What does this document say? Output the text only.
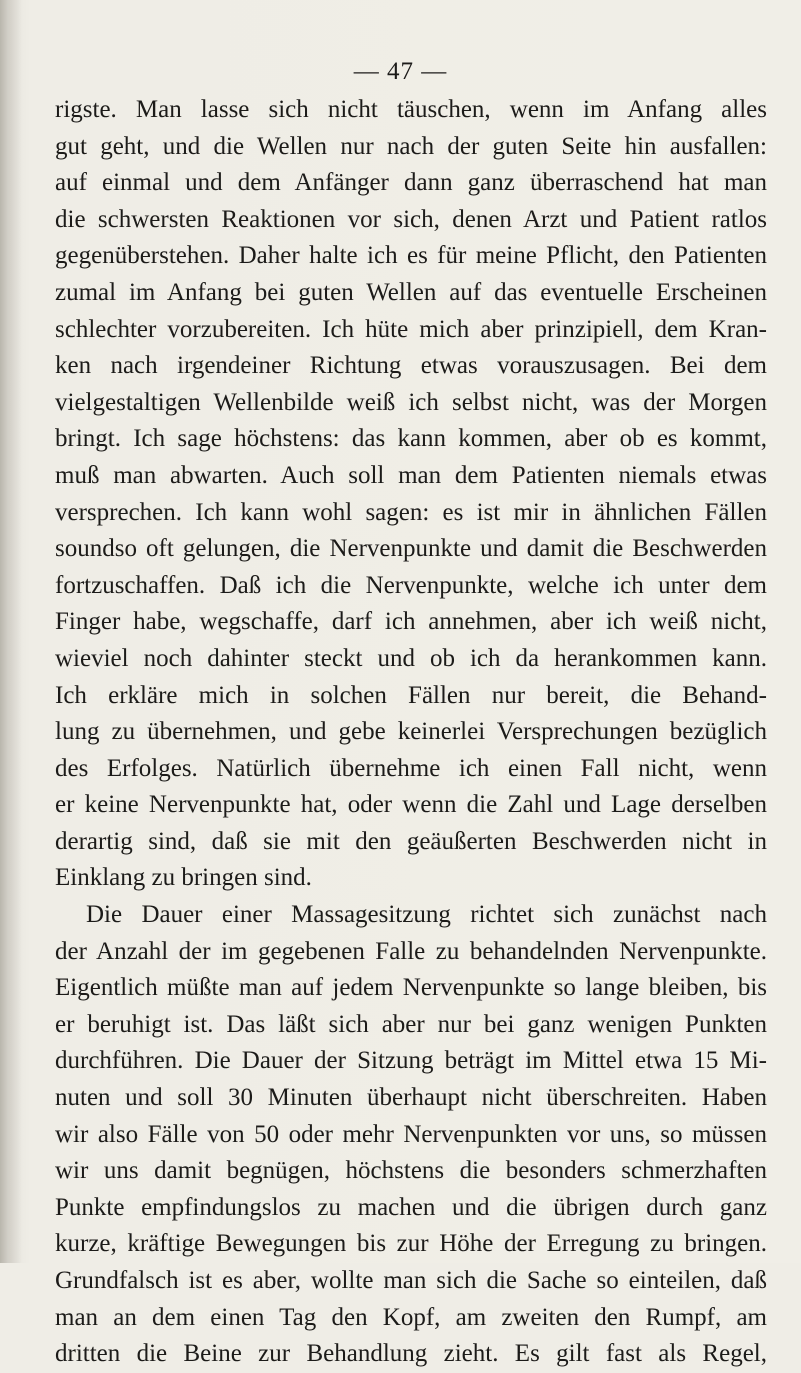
— 47 —
rigste. Man lasse sich nicht täuschen, wenn im Anfang alles
gut geht, und die Wellen nur nach der guten Seite hin ausfallen:
auf einmal und dem Anfänger dann ganz überraschend hat man
die schwersten Reaktionen vor sich, denen Arzt und Patient ratlos
gegenüberstehen. Daher halte ich es für meine Pflicht, den Patienten
zumal im Anfang bei guten Wellen auf das eventuelle Erscheinen
schlechter vorzubereiten. Ich hüte mich aber prinzipiell, dem Kran-
ken nach irgendeiner Richtung etwas vorauszusagen. Bei dem
vielgestaltigen Wellenbilde weiß ich selbst nicht, was der Morgen
bringt. Ich sage höchstens: das kann kommen, aber ob es kommt,
muß man abwarten. Auch soll man dem Patienten niemals etwas
versprechen. Ich kann wohl sagen: es ist mir in ähnlichen Fällen
soundso oft gelungen, die Nervenpunkte und damit die Beschwerden
fortzuschaffen. Daß ich die Nervenpunkte, welche ich unter dem
Finger habe, wegschaffe, darf ich annehmen, aber ich weiß nicht,
wieviel noch dahinter steckt und ob ich da herankommen kann.
Ich erkläre mich in solchen Fällen nur bereit, die Behand-
lung zu übernehmen, und gebe keinerlei Versprechungen bezüglich
des Erfolges. Natürlich übernehme ich einen Fall nicht, wenn
er keine Nervenpunkte hat, oder wenn die Zahl und Lage derselben
derartig sind, daß sie mit den geäußerten Beschwerden nicht in
Einklang zu bringen sind.
Die Dauer einer Massagesitzung richtet sich zunächst nach
der Anzahl der im gegebenen Falle zu behandelnden Nervenpunkte.
Eigentlich müßte man auf jedem Nervenpunkte so lange bleiben, bis
er beruhigt ist. Das läßt sich aber nur bei ganz wenigen Punkten
durchführen. Die Dauer der Sitzung beträgt im Mittel etwa 15 Mi-
nuten und soll 30 Minuten überhaupt nicht überschreiten. Haben
wir also Fälle von 50 oder mehr Nervenpunkten vor uns, so müssen
wir uns damit begnügen, höchstens die besonders schmerzhaften
Punkte empfindungslos zu machen und die übrigen durch ganz
kurze, kräftige Bewegungen bis zur Höhe der Erregung zu bringen.
Grundfalsch ist es aber, wollte man sich die Sache so einteilen, daß
man an dem einen Tag den Kopf, am zweiten den Rumpf, am
dritten die Beine zur Behandlung zieht. Es gilt fast als Regel,
